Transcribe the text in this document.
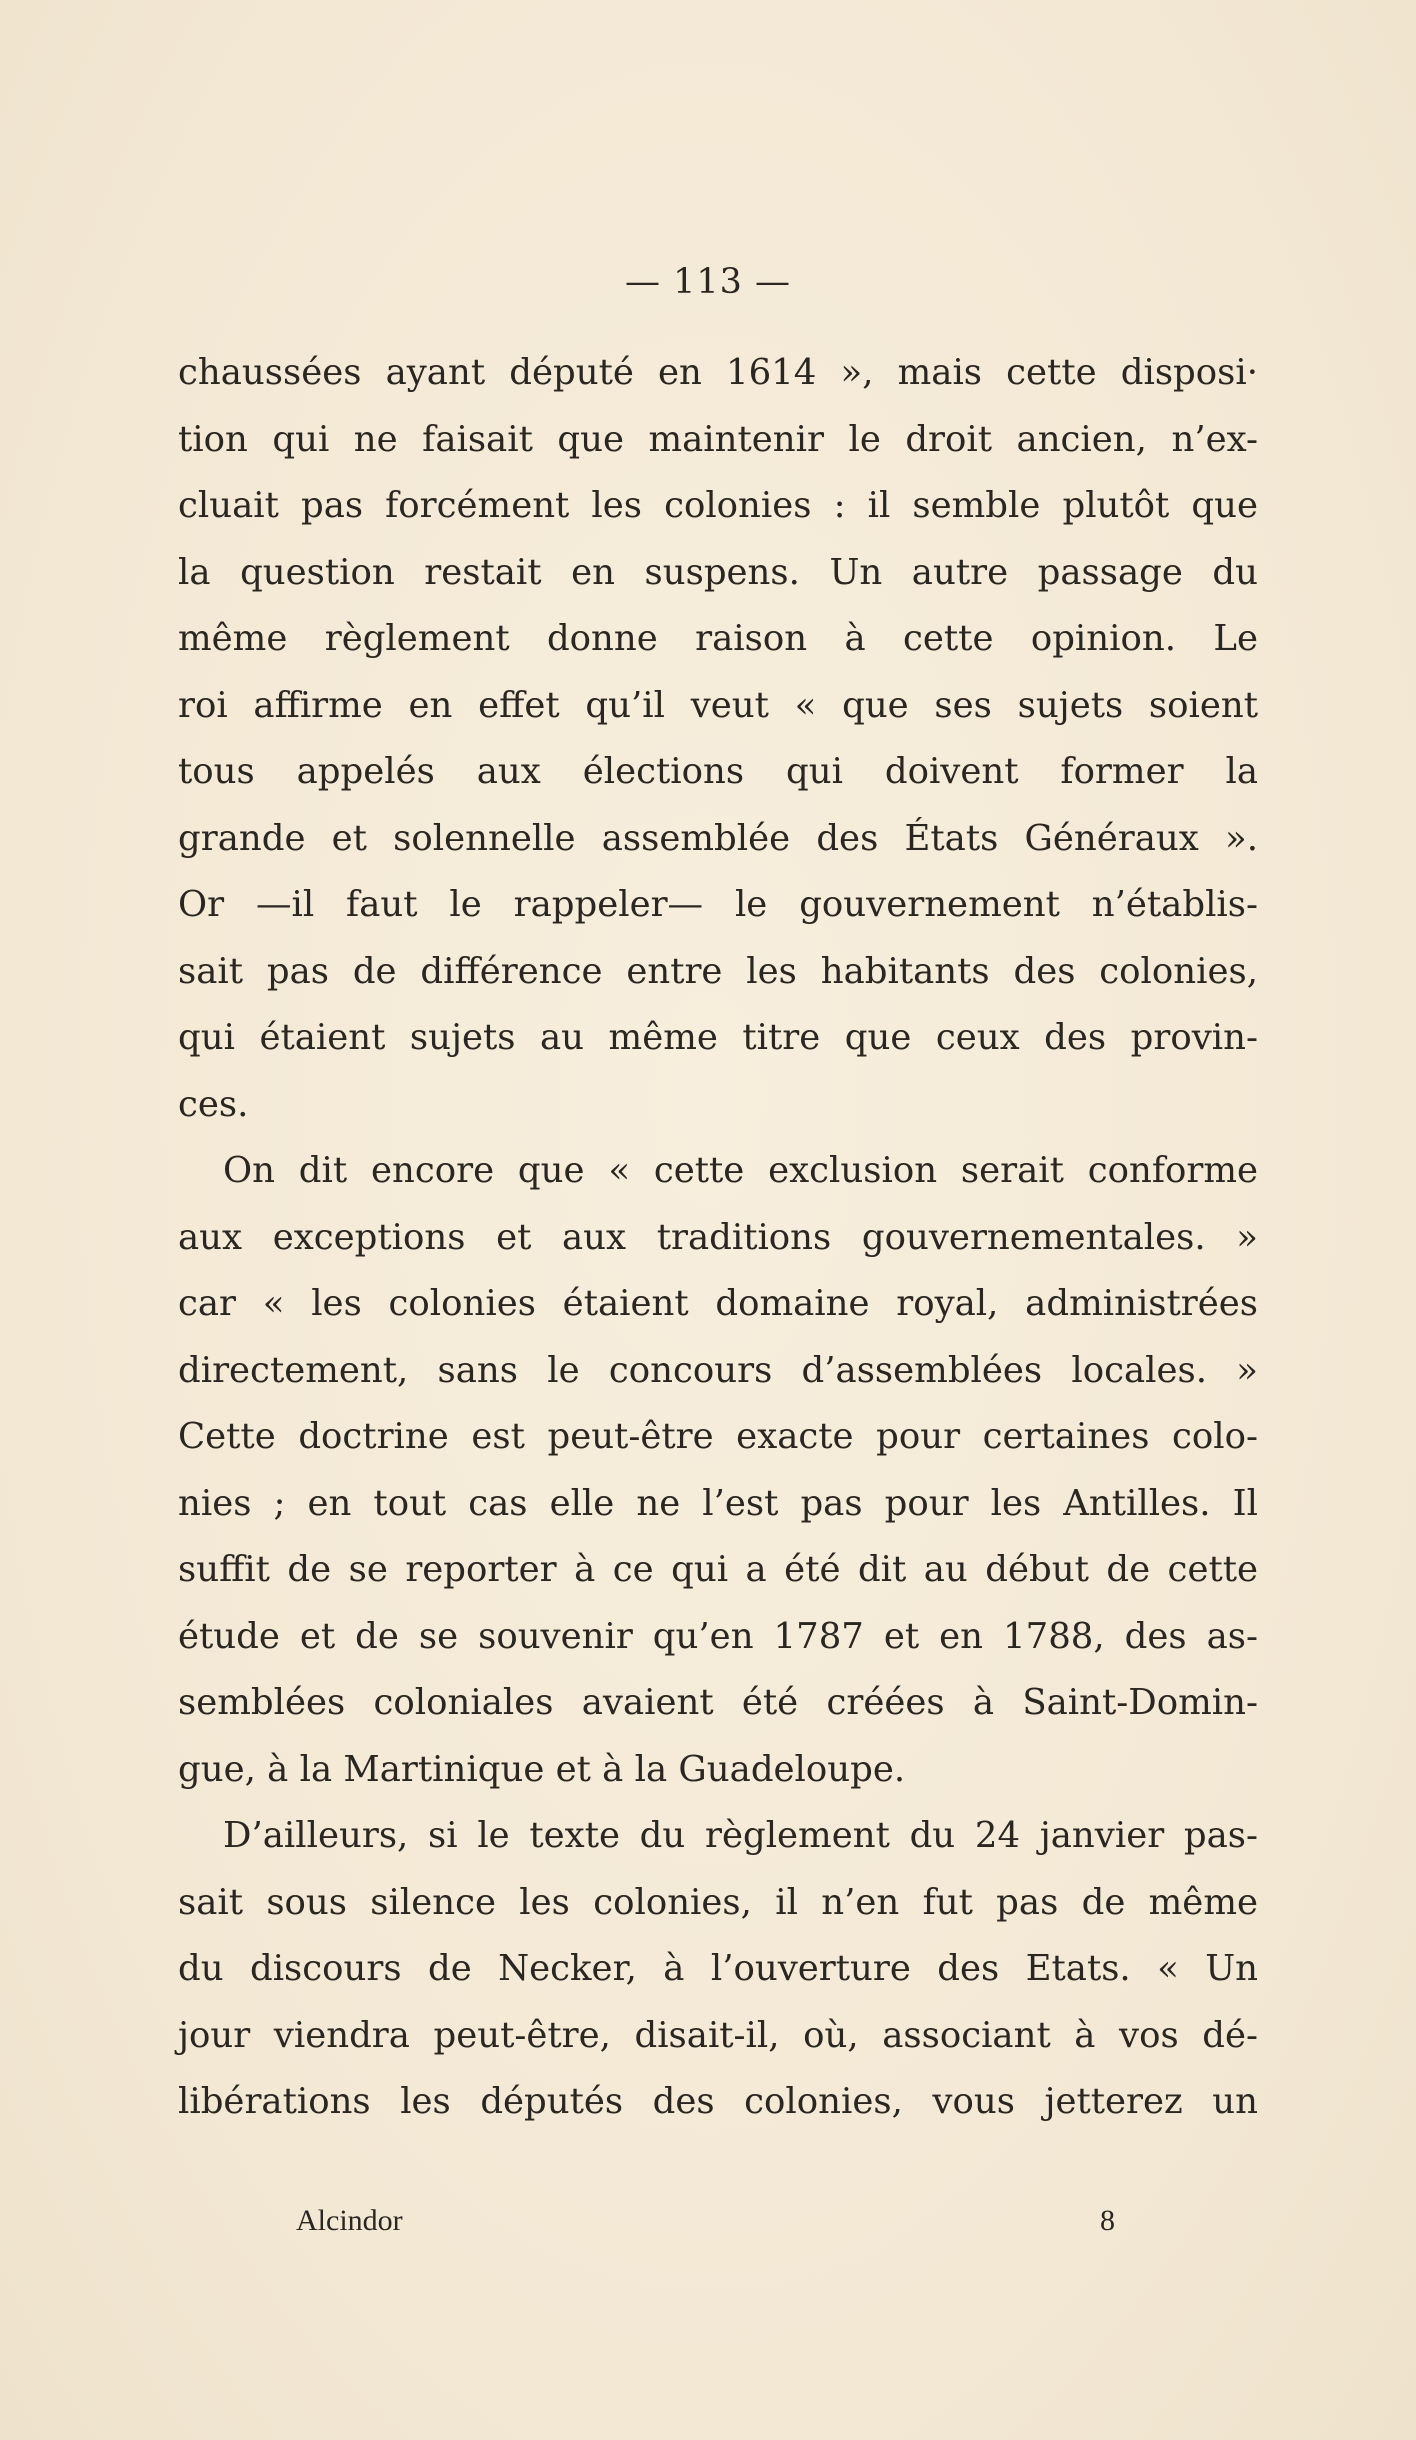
— 113 —
chaussées ayant député en 1614 », mais cette disposi·
tion qui ne faisait que maintenir le droit ancien, n’ex-
cluait pas forcément les colonies : il semble plutôt que
la question restait en suspens. Un autre passage du
même règlement donne raison à cette opinion. Le
roi affirme en effet qu’il veut « que ses sujets soient
tous appelés aux élections qui doivent former la
grande et solennelle assemblée des États Généraux ».
Or —il faut le rappeler— le gouvernement n’établis-
sait pas de différence entre les habitants des colonies,
qui étaient sujets au même titre que ceux des provin-
ces.
On dit encore que « cette exclusion serait conforme
aux exceptions et aux traditions gouvernementales. »
car « les colonies étaient domaine royal, administrées
directement, sans le concours d’assemblées locales. »
Cette doctrine est peut-être exacte pour certaines colo-
nies ; en tout cas elle ne l’est pas pour les Antilles. Il
suffit de se reporter à ce qui a été dit au début de cette
étude et de se souvenir qu’en 1787 et en 1788, des as-
semblées coloniales avaient été créées à Saint-Domin-
gue, à la Martinique et à la Guadeloupe.
D’ailleurs, si le texte du règlement du 24 janvier pas-
sait sous silence les colonies, il n’en fut pas de même
du discours de Necker, à l’ouverture des Etats. « Un
jour viendra peut-être, disait-il, où, associant à vos dé-
libérations les députés des colonies, vous jetterez un
Alcindor	8
